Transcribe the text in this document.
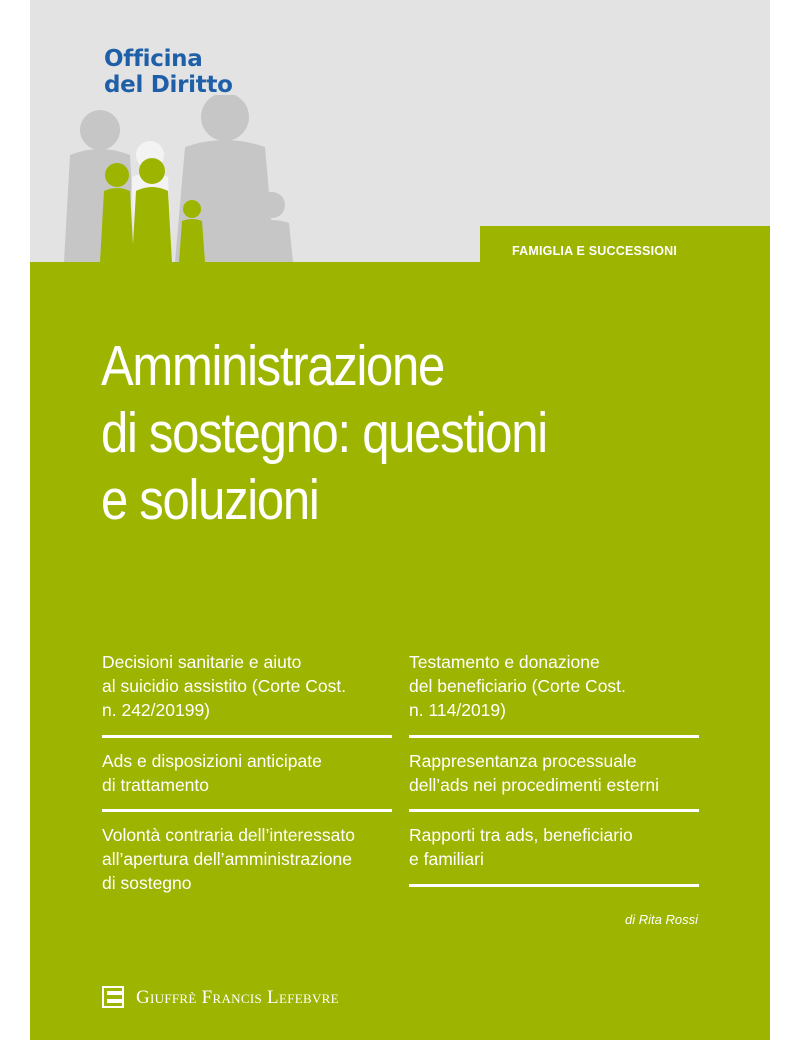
Officina
del Diritto
FAMIGLIA E SUCCESSIONI
Amministrazione
di sostegno: questioni
e soluzioni
Decisioni sanitarie e aiuto
al suicidio assistito (Corte Cost.
n. 242/20199)
Ads e disposizioni anticipate
di trattamento
Volontà contraria dell’interessato
all’apertura dell’amministrazione
di sostegno
Testamento e donazione
del beneficiario (Corte Cost.
n. 114/2019)
Rappresentanza processuale
dell’ads nei procedimenti esterni
Rapporti tra ads, beneficiario
e familiari
di Rita Rossi
Giuffrè Francis Lefebvre
